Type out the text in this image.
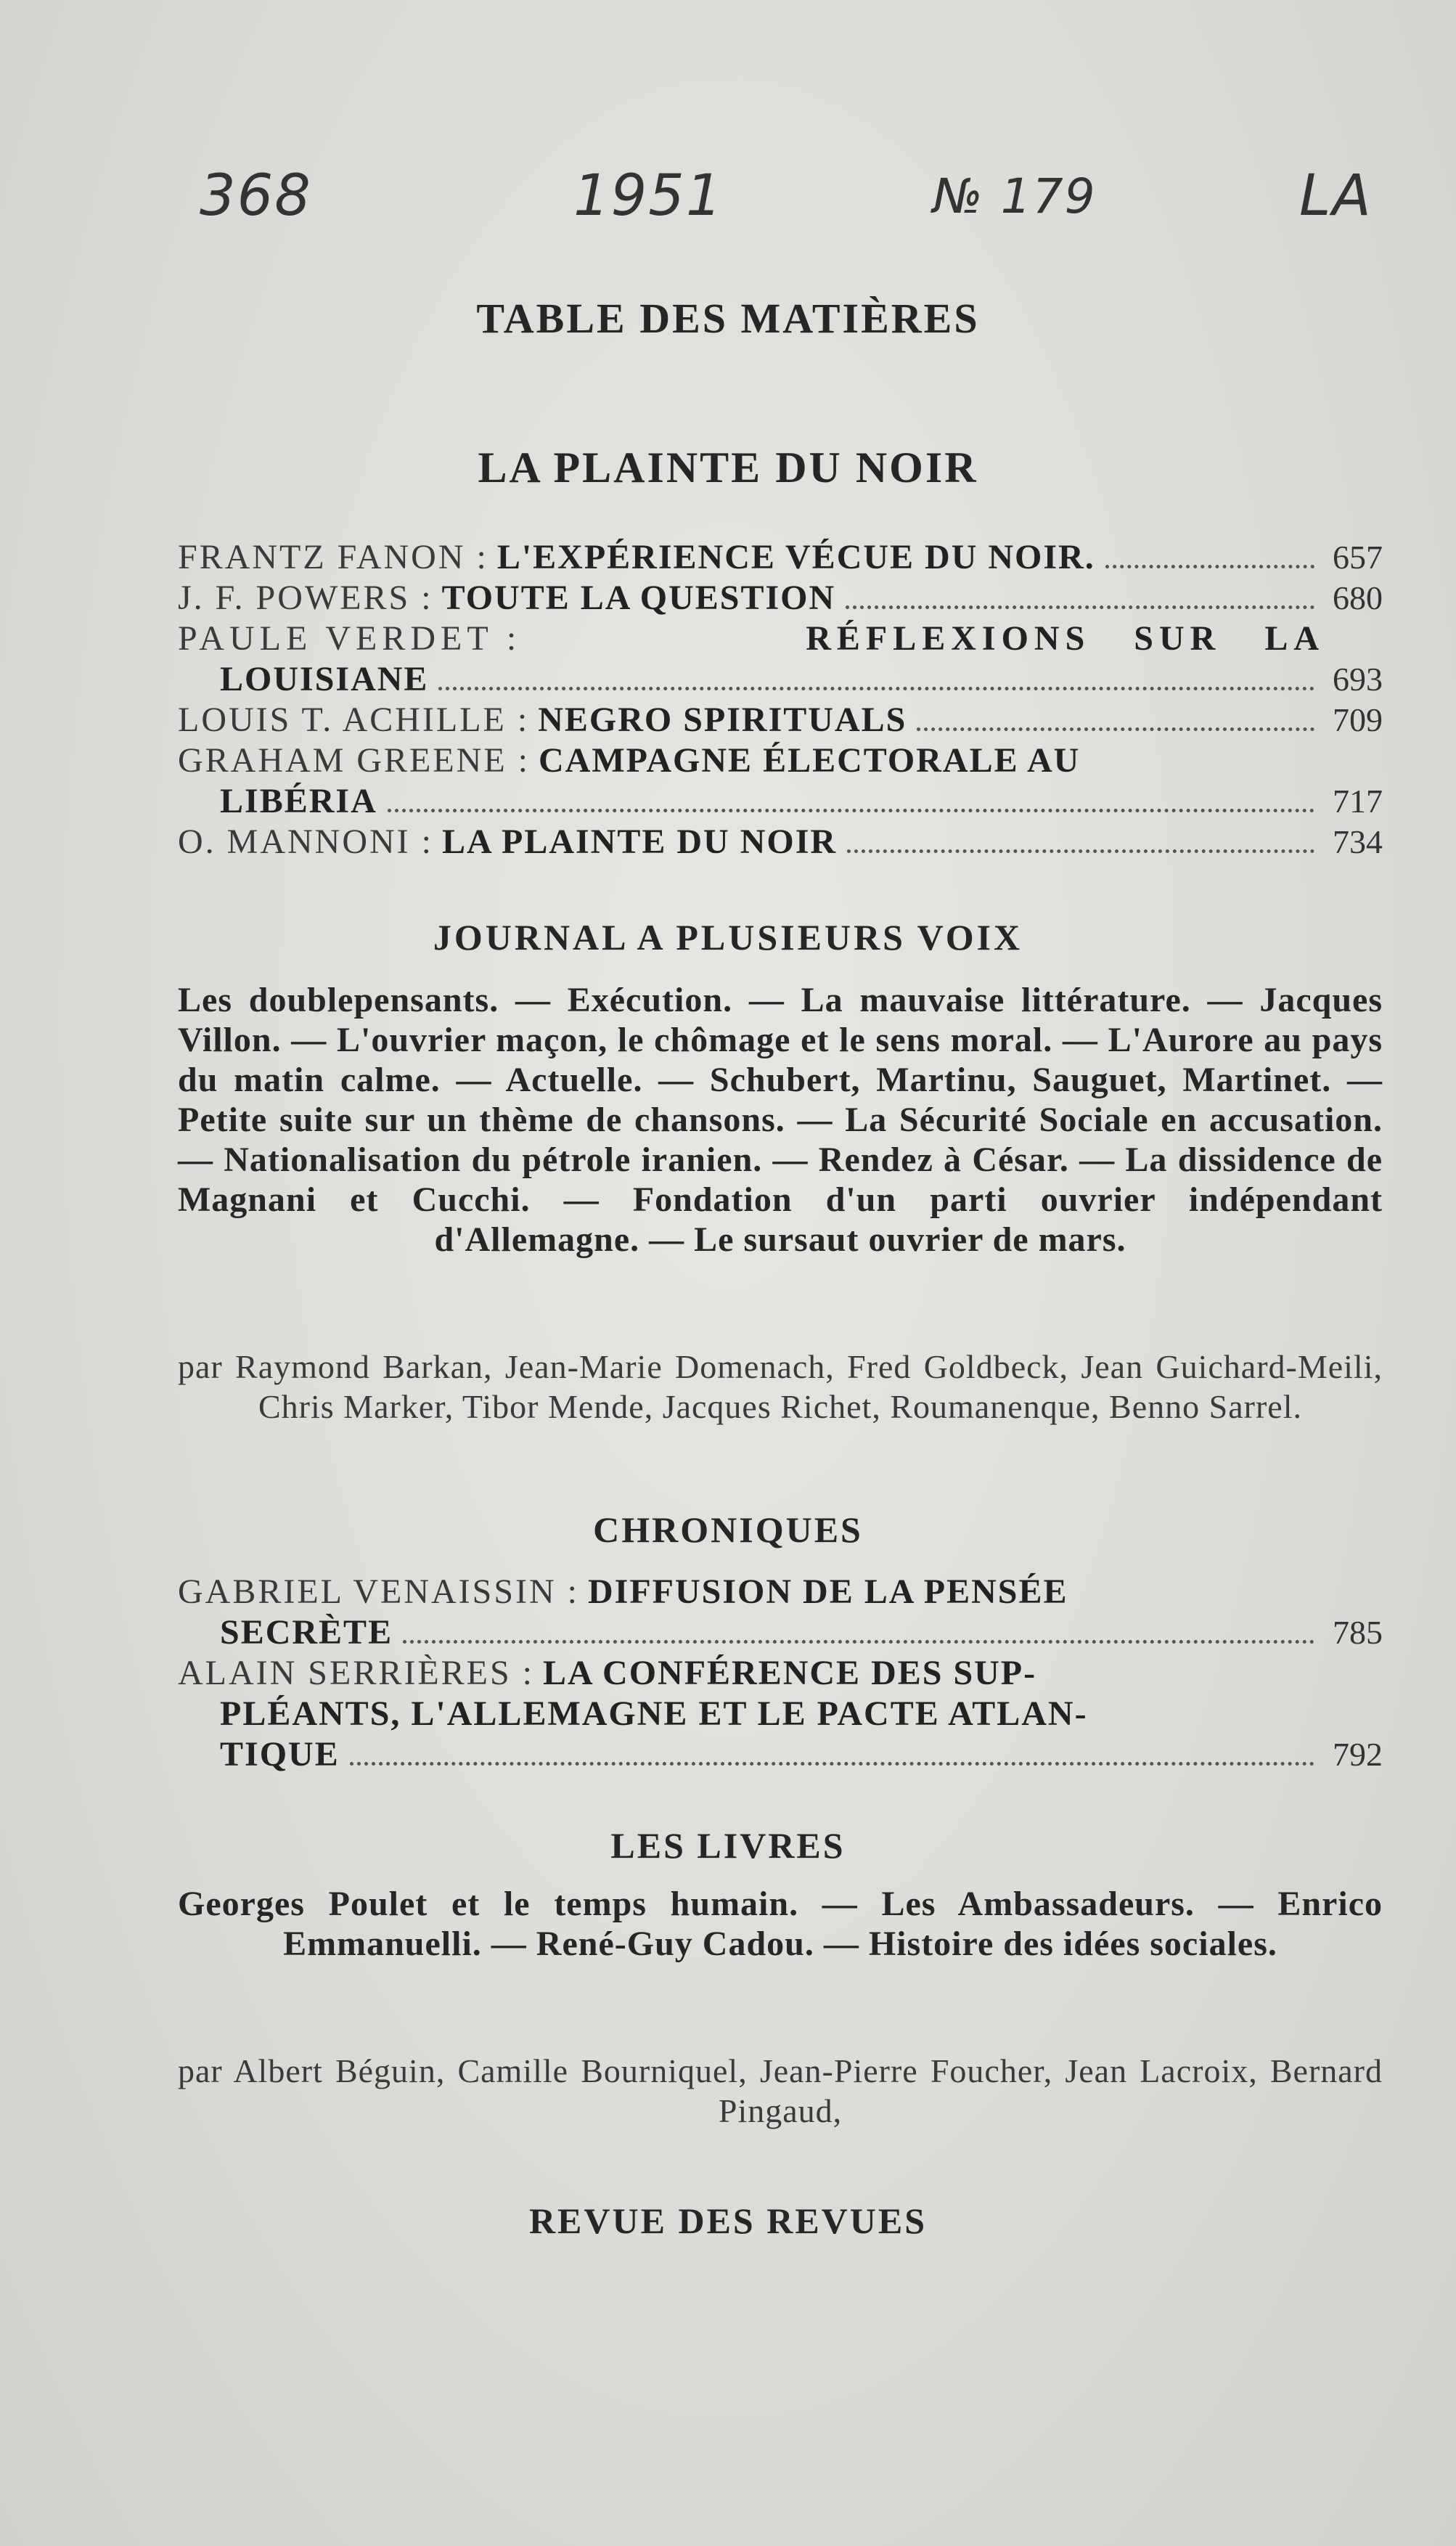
368	1951	№ 179	LA
TABLE DES MATIÈRES
LA PLAINTE DU NOIR
FRANTZ FANON :
L'EXPÉRIENCE VÉCUE DU NOIR.	657
J. F. POWERS :
TOUTE LA QUESTION	680
PAULE VERDET :	RÉFLEXIONS SUR LA
LOUISIANE	693
LOUIS T. ACHILLE :
NEGRO SPIRITUALS	709
GRAHAM GREENE :
CAMPAGNE ÉLECTORALE AU
LIBÉRIA	717
O. MANNONI :
LA PLAINTE DU NOIR	734
JOURNAL A PLUSIEURS VOIX
Les doublepensants. — Exécution. — La mauvaise littérature. — Jacques Villon. — L'ouvrier maçon, le chômage et le sens moral. — L'Aurore au pays du matin calme. — Actuelle. — Schubert, Martinu, Sauguet, Martinet. — Petite suite sur un thème de chansons. — La Sécurité Sociale en accusation. — Nationalisation du pétrole iranien. — Rendez à César. — La dissidence de Magnani et Cucchi. — Fondation d'un parti ouvrier indépendant d'Allemagne. — Le sursaut ouvrier de mars.
par Raymond Barkan, Jean-Marie Domenach, Fred Goldbeck, Jean Guichard-Meili, Chris Marker, Tibor Mende, Jacques Richet, Roumanenque, Benno Sarrel.
CHRONIQUES
GABRIEL VENAISSIN :
DIFFUSION DE LA PENSÉE
SECRÈTE	785
ALAIN SERRIÈRES :
LA CONFÉRENCE DES SUP-
PLÉANTS, L'ALLEMAGNE ET LE PACTE ATLAN-
TIQUE	792
LES LIVRES
Georges Poulet et le temps humain. — Les Ambassadeurs. — Enrico Emmanuelli. — René-Guy Cadou. — Histoire des idées sociales.
par Albert Béguin, Camille Bourniquel, Jean-Pierre Foucher, Jean Lacroix, Bernard Pingaud,
REVUE DES REVUES
